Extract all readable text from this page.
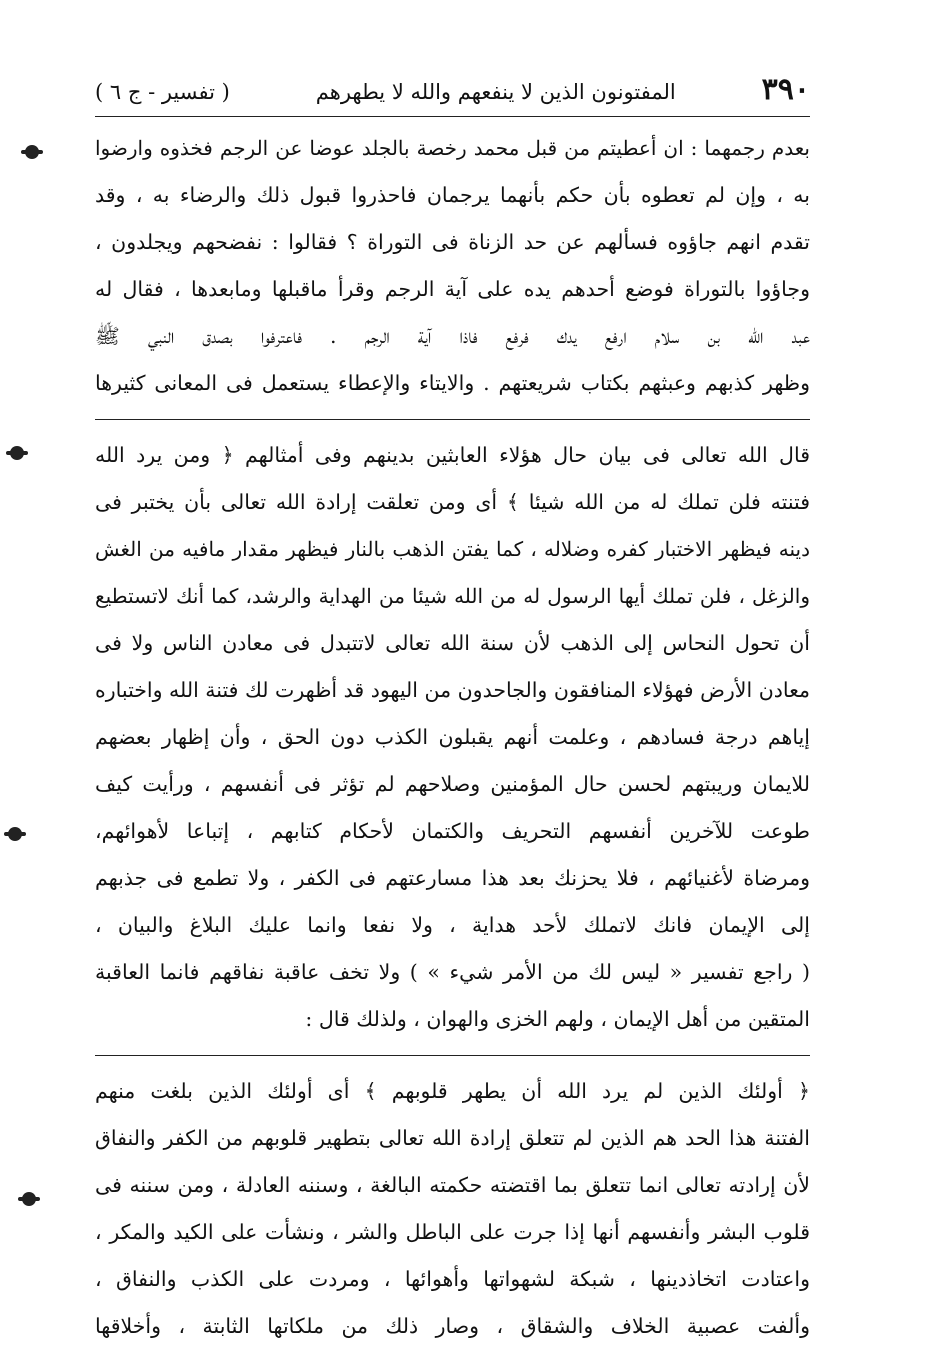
٣٩٠
المفتونون الذين لا ينفعهم والله لا يطهرهم
( تفسير - ج ٦ )
بعدم رجمهما : ان أعطيتم من قبل محمد رخصة بالجلد عوضا عن الرجم فخذوه وارضوا
به ، وإن لم تعطوه بأن حكم بأنهما يرجمان فاحذروا قبول ذلك والرضاء به ، وقد
تقدم انهم جاؤوه فسألهم عن حد الزناة فى التوراة ؟ فقالوا : نفضحهم ويجلدون ،
وجاؤوا بالتوراة فوضع أحدهم يده على آية الرجم وقرأ ماقبلها ومابعدها ، فقال له
عبد الله بن سلام ارفع يدك فرفع فاذا آية الرجم . فاعترفوا بصدق النبي ﷺ
وظهر كذبهم وعبثهم بكتاب شريعتهم . والايتاء والإعطاء يستعمل فى المعانى كثيرها
قال الله تعالى فى بيان حال هؤلاء العابثين بدينهم وفى أمثالهم ﴿ ومن يرد الله
فتنته فلن تملك له من الله شيئا ﴾ أى ومن تعلقت إرادة الله تعالى بأن يختبر فى
دينه فيظهر الاختبار كفره وضلاله ، كما يفتن الذهب بالنار فيظهر مقدار مافيه من الغش
والزغل ، فلن تملك أيها الرسول له من الله شيئا من الهداية والرشد، كما أنك لاتستطيع
أن تحول النحاس إلى الذهب لأن سنة الله تعالى لاتتبدل فى معادن الناس ولا فى
معادن الأرض فهؤلاء المنافقون والجاحدون من اليهود قد أظهرت لك فتنة الله واختباره
إياهم درجة فسادهم ، وعلمت أنهم يقبلون الكذب دون الحق ، وأن إظهار بعضهم
للايمان وريبتهم لحسن حال المؤمنين وصلاحهم لم تؤثر فى أنفسهم ، ورأيت كيف
طوعت للآخرين أنفسهم التحريف والكتمان لأحكام كتابهم ، إتباعا لأهوائهم،
ومرضاة لأغنيائهم ، فلا يحزنك بعد هذا مسارعتهم فى الكفر ، ولا تطمع فى جذبهم
إلى الإيمان فانك لاتملك لأحد هداية ، ولا نفعا وانما عليك البلاغ والبيان ،
( راجع تفسير « ليس لك من الأمر شيء » ) ولا تخف عاقبة نفاقهم فانما العاقبة
المتقين من أهل الإيمان ، ولهم الخزى والهوان ، ولذلك قال :
﴿ أولئك الذين لم يرد الله أن يطهر قلوبهم ﴾ أى أولئك الذين بلغت منهم
الفتنة هذا الحد هم الذين لم تتعلق إرادة الله تعالى بتطهير قلوبهم من الكفر والنفاق
لأن إرادته تعالى انما تتعلق بما اقتضته حكمته البالغة ، وسننه العادلة ، ومن سننه فى
قلوب البشر وأنفسهم أنها إذا جرت على الباطل والشر ، ونشأت على الكيد والمكر ،
واعتادت اتخاذدينها ، شبكة لشهواتها وأهوائها ، ومردت على الكذب والنفاق ،
وألفت عصبية الخلاف والشقاق ، وصار ذلك من ملكاتها الثابتة ، وأخلاقها
